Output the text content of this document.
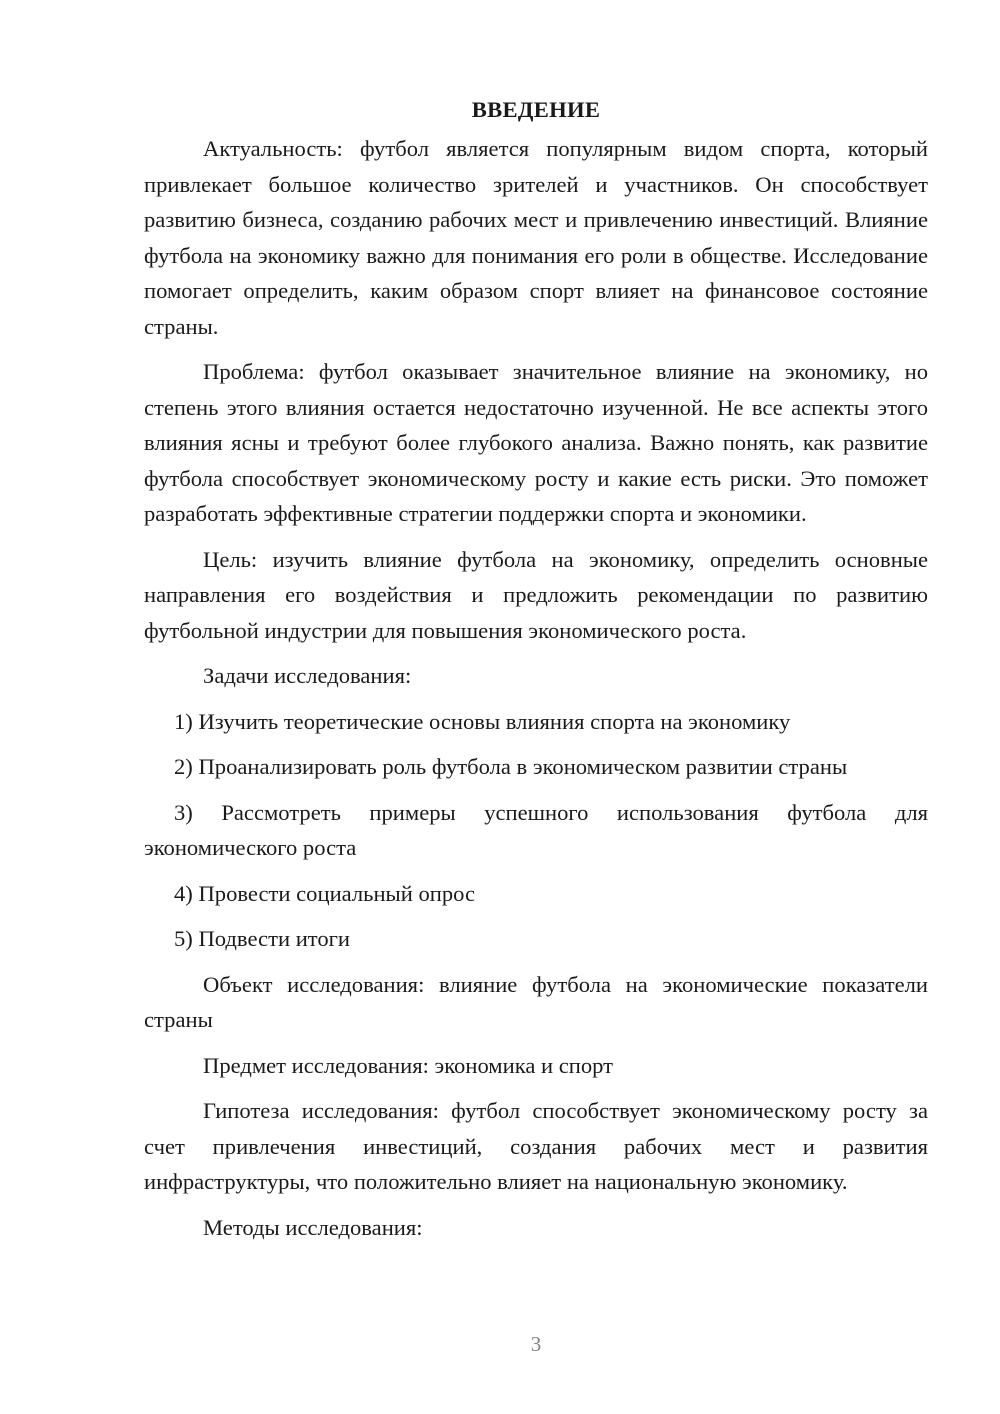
ВВЕДЕНИЕ

Актуальность: футбол является популярным видом спорта, который привлекает большое количество зрителей и участников. Он способствует развитию бизнеса, созданию рабочих мест и привлечению инвестиций. Влияние футбола на экономику важно для понимания его роли в обществе. Исследование помогает определить, каким образом спорт влияет на финансовое состояние страны.

Проблема: футбол оказывает значительное влияние на экономику, но степень этого влияния остается недостаточно изученной. Не все аспекты этого влияния ясны и требуют более глубокого анализа. Важно понять, как развитие футбола способствует экономическому росту и какие есть риски. Это поможет разработать эффективные стратегии поддержки спорта и экономики.

Цель: изучить влияние футбола на экономику, определить основные направления его воздействия и предложить рекомендации по развитию футбольной индустрии для повышения экономического роста.

Задачи исследования:

1) Изучить теоретические основы влияния спорта на экономику

2) Проанализировать роль футбола в экономическом развитии страны

3) Рассмотреть примеры успешного использования футбола для экономического роста

4) Провести социальный опрос

5) Подвести итоги

Объект исследования: влияние футбола на экономические показатели страны

Предмет исследования: экономика и спорт

Гипотеза исследования: футбол способствует экономическому росту за счет привлечения инвестиций, создания рабочих мест и развития инфраструктуры, что положительно влияет на национальную экономику.

Методы исследования:

3
